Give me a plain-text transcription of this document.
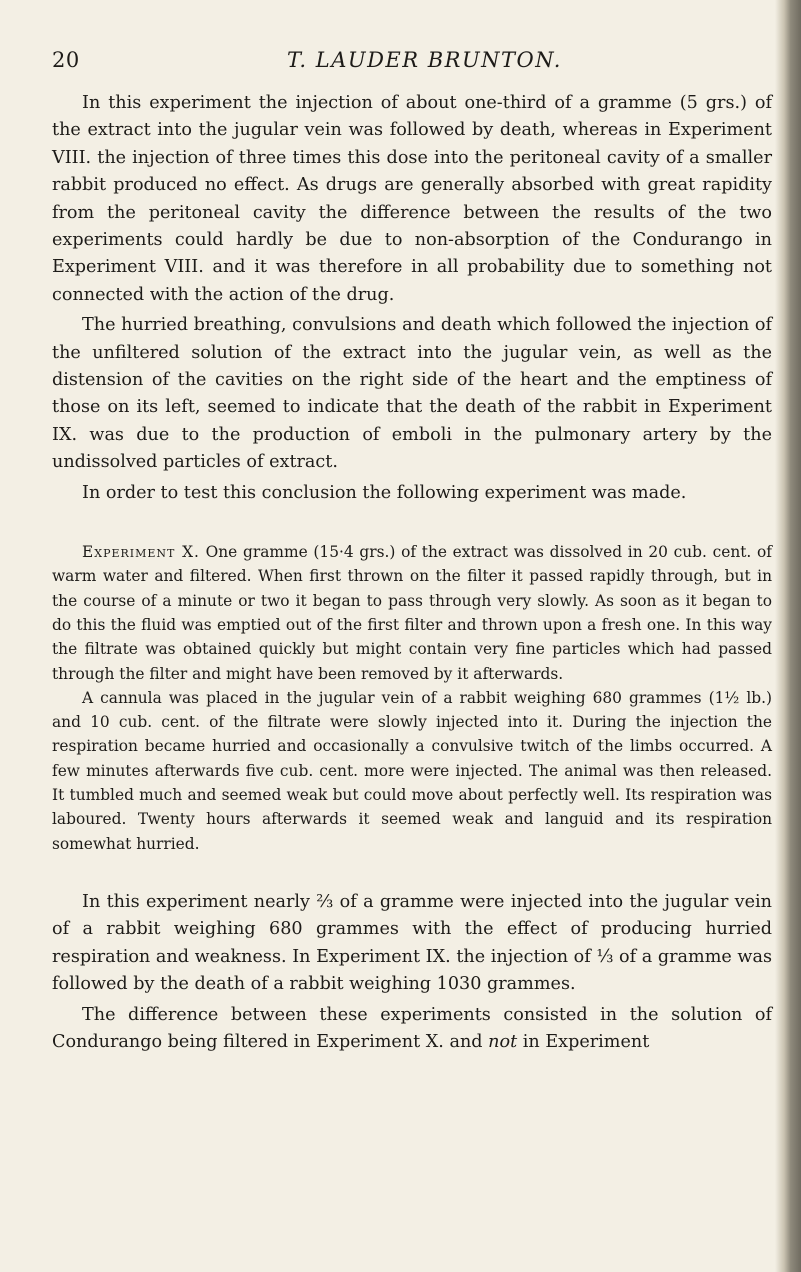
20	T. LAUDER BRUNTON.

In this experiment the injection of about one-third of a gramme (5 grs.) of the extract into the jugular vein was followed by death, whereas in Experiment VIII. the injection of three times this dose into the peritoneal cavity of a smaller rabbit produced no effect. As drugs are generally absorbed with great rapidity from the peritoneal cavity the difference between the results of the two experiments could hardly be due to non-absorption of the Condurango in Experiment VIII. and it was therefore in all probability due to something not connected with the action of the drug.

The hurried breathing, convulsions and death which followed the injection of the unfiltered solution of the extract into the jugular vein, as well as the distension of the cavities on the right side of the heart and the emptiness of those on its left, seemed to indicate that the death of the rabbit in Experiment IX. was due to the production of emboli in the pulmonary artery by the undissolved particles of extract.

In order to test this conclusion the following experiment was made.

Experiment X. One gramme (15·4 grs.) of the extract was dissolved in 20 cub. cent. of warm water and filtered. When first thrown on the filter it passed rapidly through, but in the course of a minute or two it began to pass through very slowly. As soon as it began to do this the fluid was emptied out of the first filter and thrown upon a fresh one. In this way the filtrate was obtained quickly but might contain very fine particles which had passed through the filter and might have been removed by it afterwards.

A cannula was placed in the jugular vein of a rabbit weighing 680 grammes (1½ lb.) and 10 cub. cent. of the filtrate were slowly injected into it. During the injection the respiration became hurried and occasionally a convulsive twitch of the limbs occurred. A few minutes afterwards five cub. cent. more were injected. The animal was then released. It tumbled much and seemed weak but could move about perfectly well. Its respiration was laboured. Twenty hours afterwards it seemed weak and languid and its respiration somewhat hurried.

In this experiment nearly ⅔ of a gramme were injected into the jugular vein of a rabbit weighing 680 grammes with the effect of producing hurried respiration and weakness. In Experiment IX. the injection of ⅓ of a gramme was followed by the death of a rabbit weighing 1030 grammes.

The difference between these experiments consisted in the solution of Condurango being filtered in Experiment X. and not in Experiment
